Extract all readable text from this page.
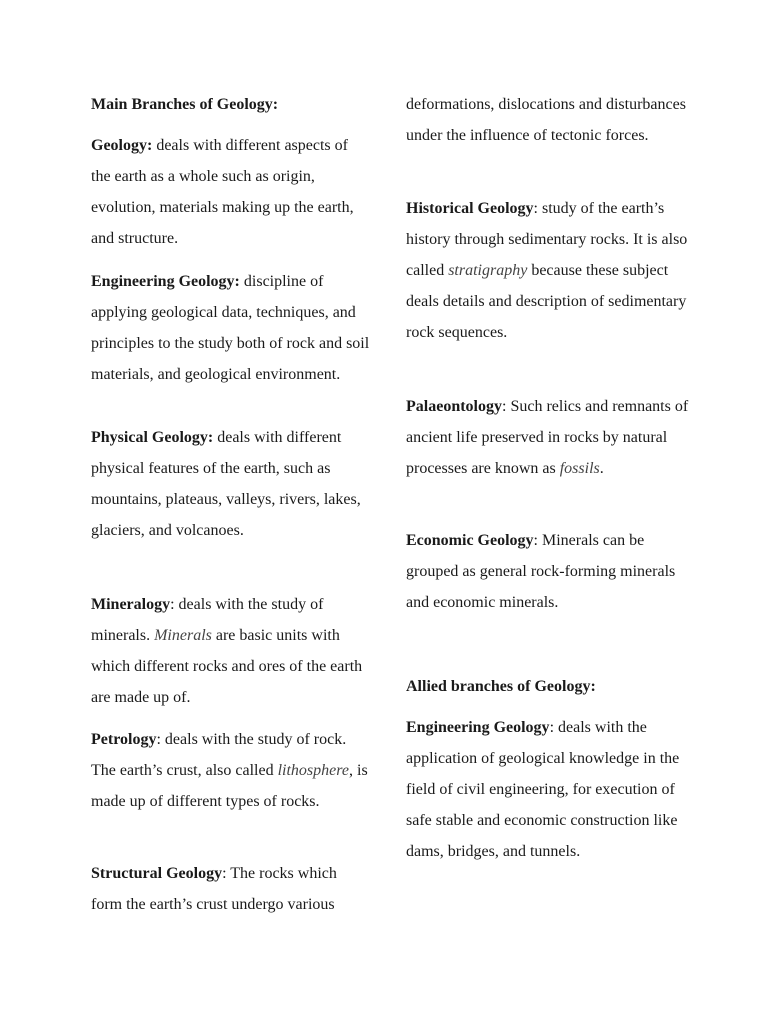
Main Branches of Geology:

Geology: deals with different aspects of the earth as a whole such as origin, evolution, materials making up the earth, and structure.

Engineering Geology: discipline of applying geological data, techniques, and principles to the study both of rock and soil materials, and geological environment.

Physical Geology: deals with different physical features of the earth, such as mountains, plateaus, valleys, rivers, lakes, glaciers, and volcanoes.

Mineralogy: deals with the study of minerals. Minerals are basic units with which different rocks and ores of the earth are made up of.

Petrology: deals with the study of rock. The earth’s crust, also called lithosphere, is made up of different types of rocks.

Structural Geology: The rocks which form the earth’s crust undergo various

deformations, dislocations and disturbances under the influence of tectonic forces.

Historical Geology: study of the earth’s history through sedimentary rocks. It is also called stratigraphy because these subject deals details and description of sedimentary rock sequences.

Palaeontology: Such relics and remnants of ancient life preserved in rocks by natural processes are known as fossils.

Economic Geology: Minerals can be grouped as general rock-forming minerals and economic minerals.

Allied branches of Geology:

Engineering Geology: deals with the application of geological knowledge in the field of civil engineering, for execution of safe stable and economic construction like dams, bridges, and tunnels.
